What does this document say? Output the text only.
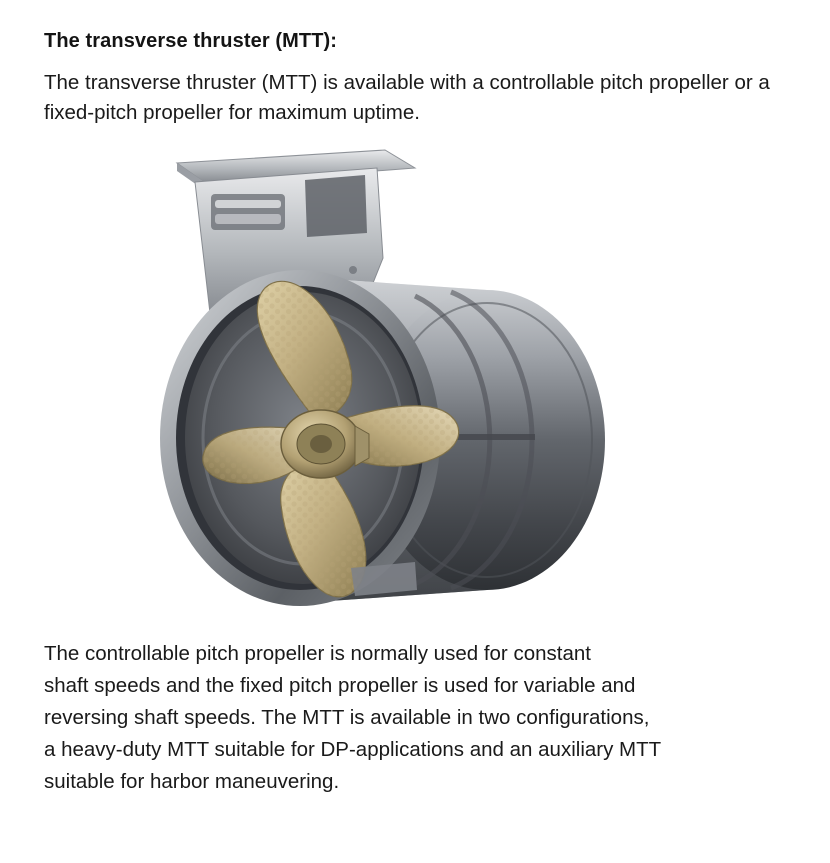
The transverse thruster (MTT):

The transverse thruster (MTT) is available with a controllable pitch propeller or a fixed-pitch propeller for maximum uptime.

The controllable pitch propeller is normally used for constant
shaft speeds and the fixed pitch propeller is used for variable and
reversing shaft speeds. The MTT is available in two configurations,
a heavy-duty MTT suitable for DP-applications and an auxiliary MTT
suitable for harbor maneuvering.
